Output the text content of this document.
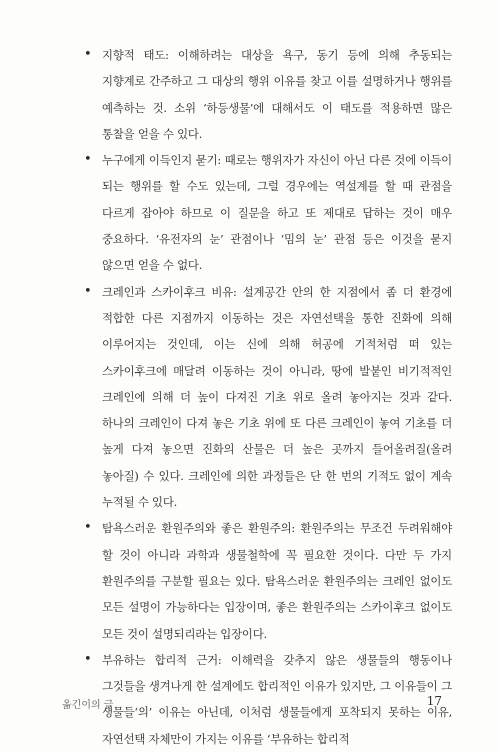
• 지향적 태도: 이해하려는 대상을 욕구, 동기 등에 의해 추동되는 지향계로 간주하고 그 대상의 행위 이유를 찾고 이를 설명하거나 행위를 예측하는 것. 소위 ‘하등생물’에 대해서도 이 태도를 적용하면 많은 통찰을 얻을 수 있다.

• 누구에게 이득인지 묻기: 때로는 행위자가 자신이 아닌 다른 것에 이득이 되는 행위를 할 수도 있는데, 그럴 경우에는 역설계를 할 때 관점을 다르게 잡아야 하므로 이 질문을 하고 또 제대로 답하는 것이 매우 중요하다. ‘유전자의 눈’ 관점이나 ‘밈의 눈’ 관점 등은 이것을 묻지 않으면 얻을 수 없다.

• 크레인과 스카이후크 비유: 설계공간 안의 한 지점에서 좀 더 환경에 적합한 다른 지점까지 이동하는 것은 자연선택을 통한 진화에 의해 이루어지는 것인데, 이는 신에 의해 허공에 기적처럼 떠 있는 스카이후크에 매달려 이동하는 것이 아니라, 땅에 발붙인 비기적적인 크레인에 의해 더 높이 다져진 기초 위로 올려 놓아지는 것과 같다. 하나의 크레인이 다져 놓은 기초 위에 또 다른 크레인이 놓여 기초를 더 높게 다져 놓으면 진화의 산물은 더 높은 곳까지 들어올려질(올려 놓아질) 수 있다. 크레인에 의한 과정들은 단 한 번의 기적도 없이 계속 누적될 수 있다.

• 탐욕스러운 환원주의와 좋은 환원주의: 환원주의는 무조건 두려워해야 할 것이 아니라 과학과 생물철학에 꼭 필요한 것이다. 다만 두 가지 환원주의를 구분할 필요는 있다. 탐욕스러운 환원주의는 크레인 없이도 모든 설명이 가능하다는 입장이며, 좋은 환원주의는 스카이후크 없이도 모든 것이 설명되리라는 입장이다.

• 부유하는 합리적 근거: 이해력을 갖추지 않은 생물들의 행동이나 그것들을 생겨나게 한 설계에도 합리적인 이유가 있지만, 그 이유들이 그 생물들‘의’ 이유는 아닌데, 이처럼 생물들에게 포착되지 못하는 이유, 자연선택 자체만이 가지는 이유를 ‘부유하는 합리적

옮긴이의 글	17
